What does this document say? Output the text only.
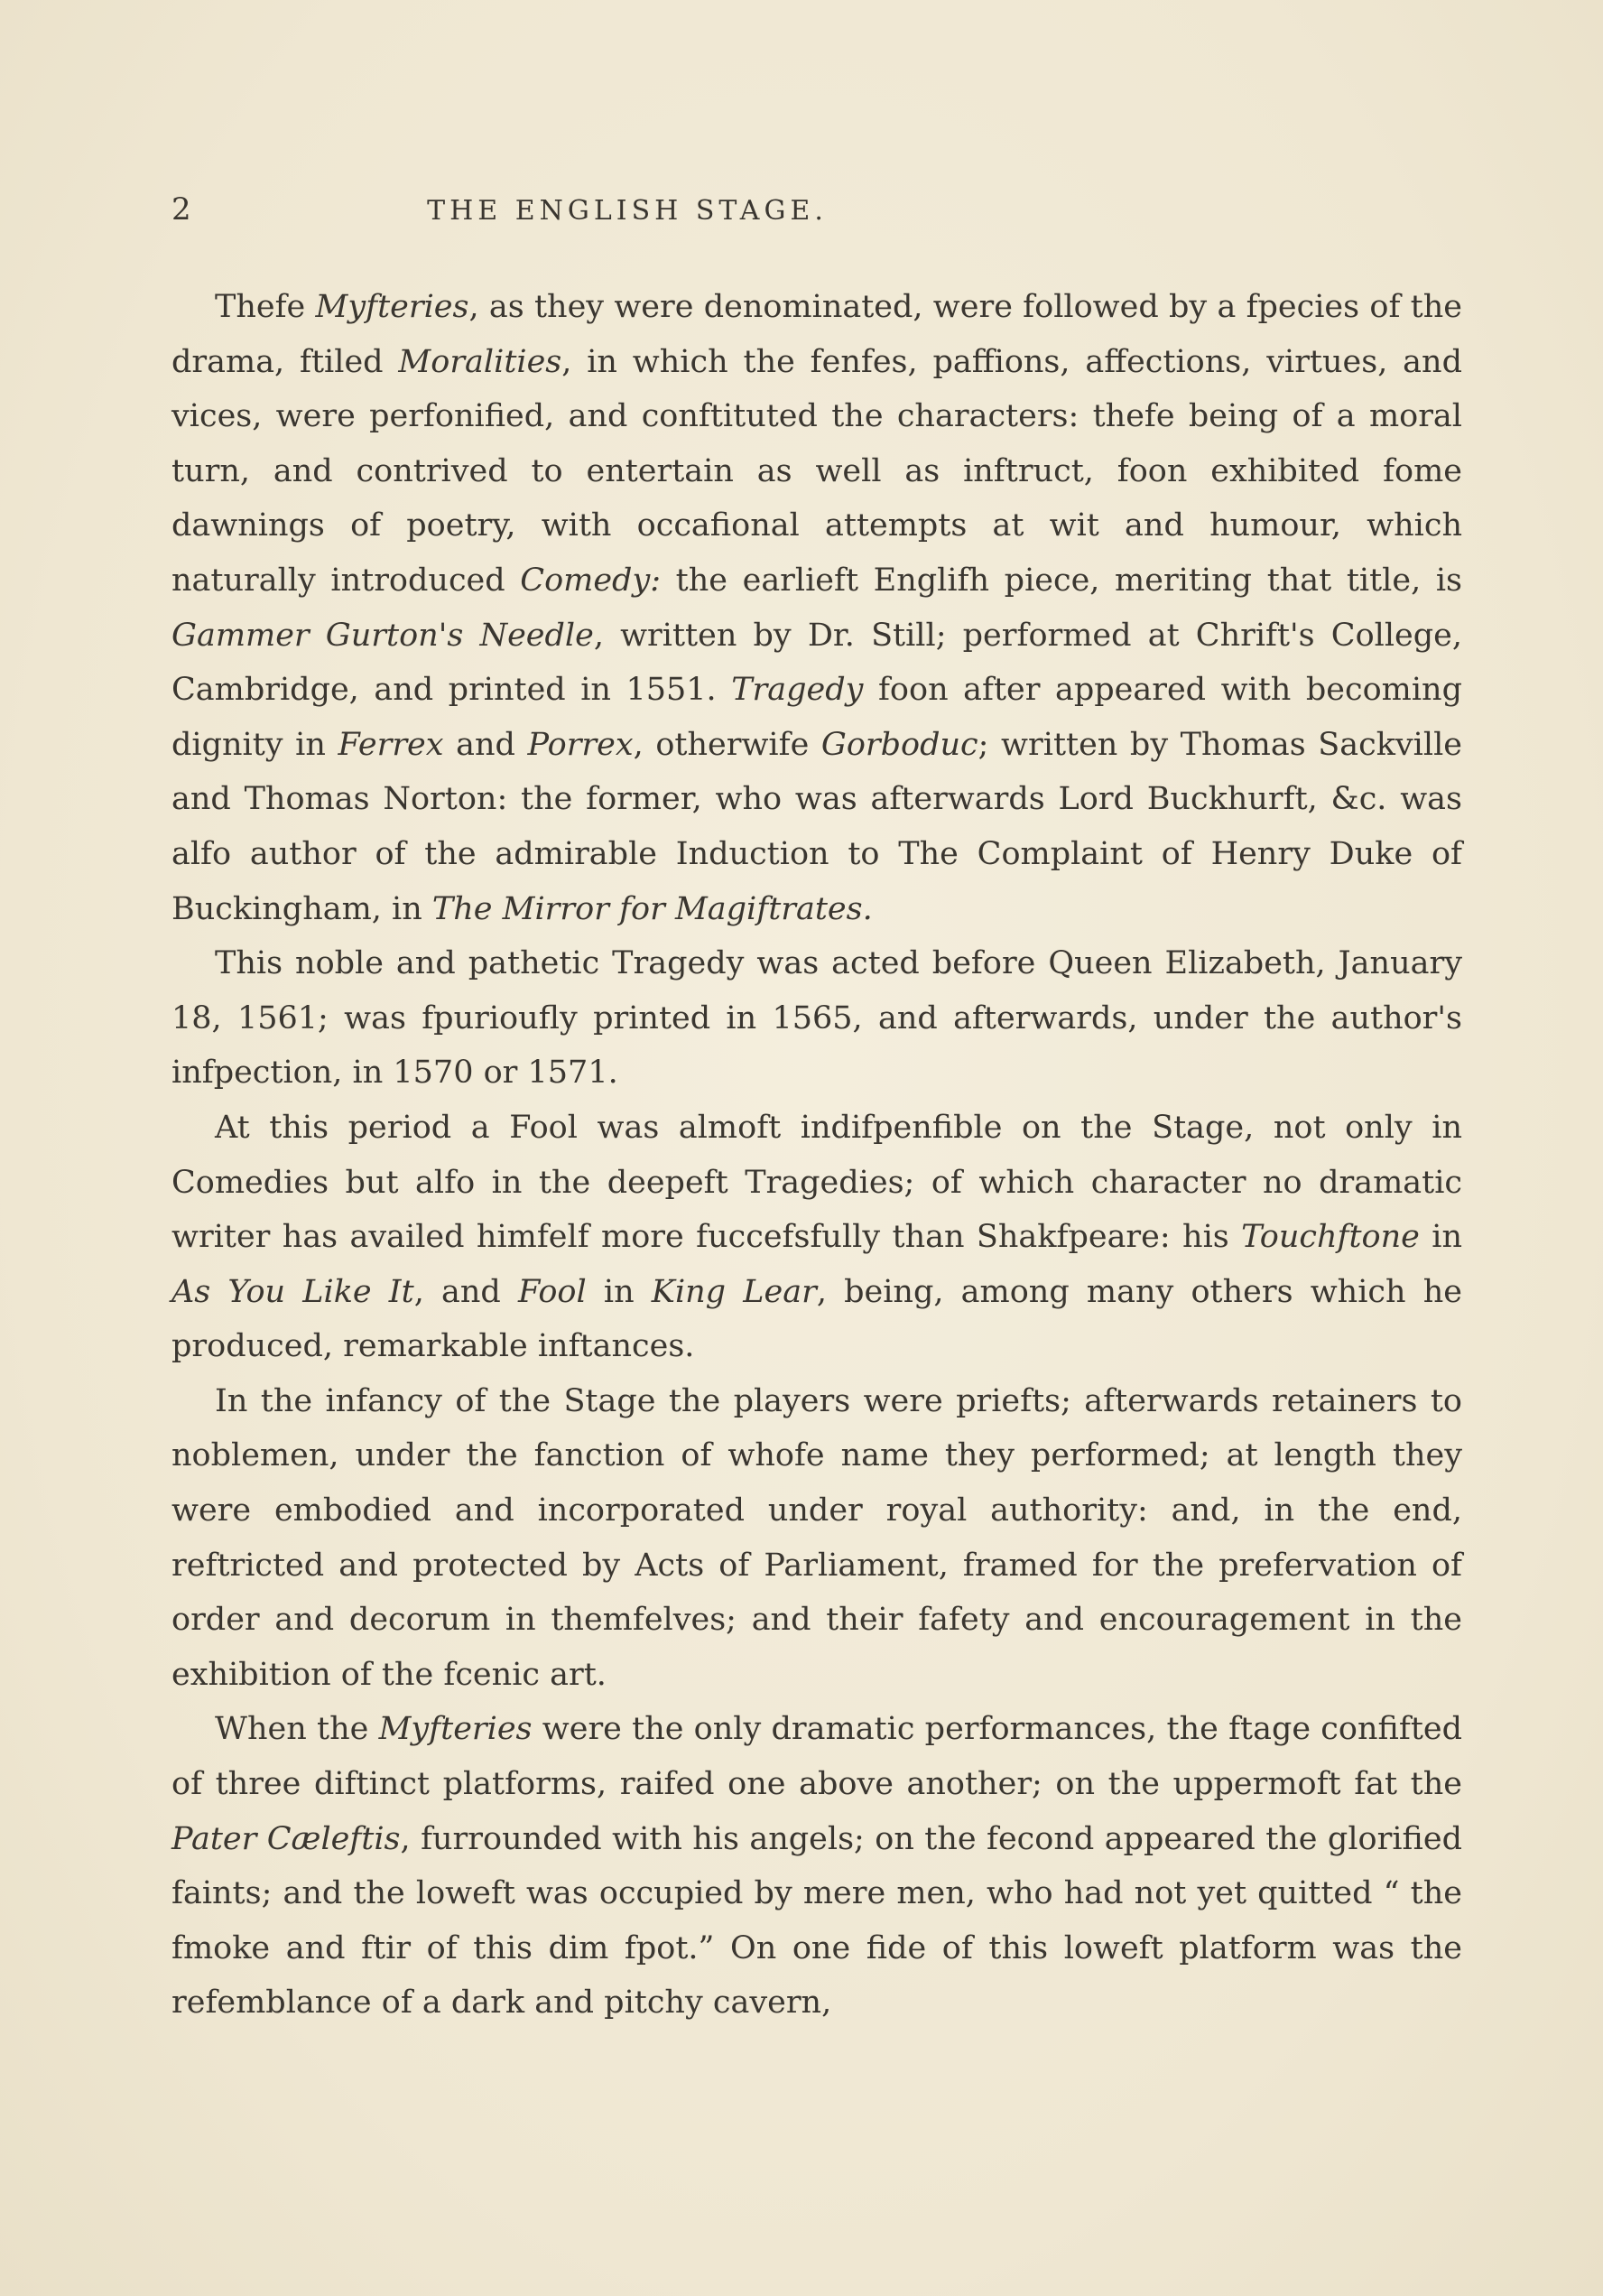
2	THE ENGLISH STAGE.

Thefe Myfteries, as they were denominated, were followed by a fpecies of the drama, ftiled Moralities, in which the fenfes, paffions, affections, virtues, and vices, were perfonified, and conftituted the characters: thefe being of a moral turn, and contrived to entertain as well as inftruct, foon exhibited fome dawnings of poetry, with occafional attempts at wit and humour, which naturally introduced Comedy: the earlieft Englifh piece, meriting that title, is Gammer Gurton's Needle, written by Dr. Still; performed at Chrift's College, Cambridge, and printed in 1551. Tragedy foon after appeared with becoming dignity in Ferrex and Porrex, otherwife Gorboduc; written by Thomas Sackville and Thomas Norton: the former, who was afterwards Lord Buckhurft, &c. was alfo author of the admirable Induction to The Complaint of Henry Duke of Buckingham, in The Mirror for Magiftrates.

This noble and pathetic Tragedy was acted before Queen Elizabeth, January 18, 1561; was fpurioufly printed in 1565, and afterwards, under the author's infpection, in 1570 or 1571.

At this period a Fool was almoft indifpenfible on the Stage, not only in Comedies but alfo in the deepeft Tragedies; of which character no dramatic writer has availed himfelf more fuccefsfully than Shakfpeare: his Touchftone in As You Like It, and Fool in King Lear, being, among many others which he produced, remarkable inftances.

In the infancy of the Stage the players were priefts; afterwards retainers to noblemen, under the fanction of whofe name they performed; at length they were embodied and incorporated under royal authority: and, in the end, reftricted and protected by Acts of Parliament, framed for the prefervation of order and decorum in themfelves; and their fafety and encouragement in the exhibition of the fcenic art.

When the Myfteries were the only dramatic performances, the ftage confifted of three diftinct platforms, raifed one above another; on the uppermoft fat the Pater Cæleftis, furrounded with his angels; on the fecond appeared the glorified faints; and the loweft was occupied by mere men, who had not yet quitted “ the fmoke and ftir of this dim fpot.” On one fide of this loweft platform was the refemblance of a dark and pitchy cavern,
